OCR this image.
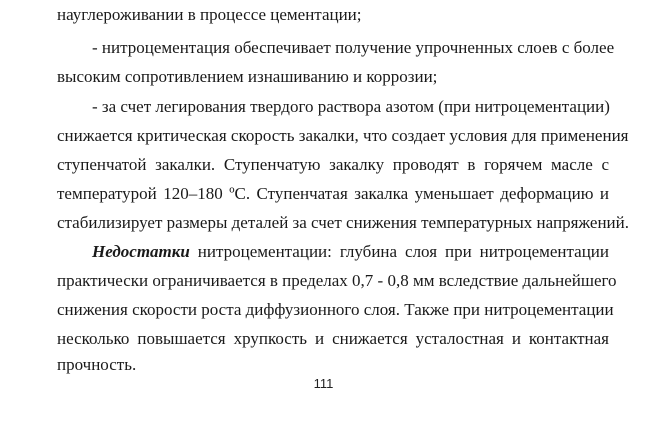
науглероживании в процессе цементации;

- нитроцементация обеспечивает получение упрочненных слоев с более

высоким сопротивлением изнашиванию и коррозии;

- за счет легирования твердого раствора азотом (при нитроцементации)

снижается критическая скорость закалки, что создает условия для применения

ступенчатой закалки. Ступенчатую закалку проводят в горячем масле с

температурой 120–180 ºС. Ступенчатая закалка уменьшает деформацию и

стабилизирует размеры деталей за счет снижения температурных напряжений.

Недостатки нитроцементации: глубина слоя при нитроцементации

практически ограничивается в пределах 0,7 - 0,8 мм вследствие дальнейшего

снижения скорости роста диффузионного слоя. Также при нитроцементации

несколько повышается хрупкость и снижается усталостная и контактная

прочность.

111
